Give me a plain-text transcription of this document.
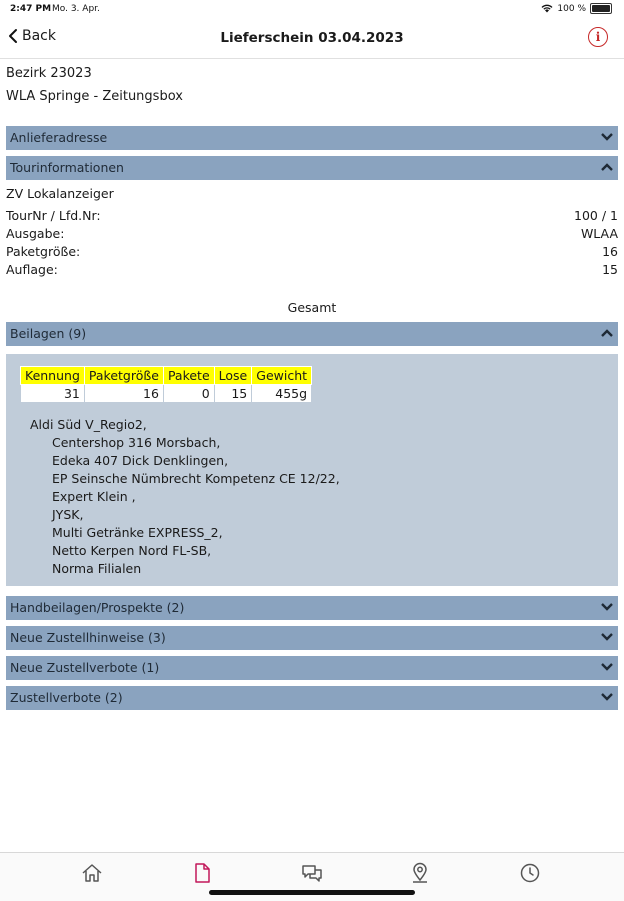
2:47 PM Mo. 3. Apr.	100 %
Back	Lieferschein 03.04.2023	i
Bezirk 23023
WLA Springe - Zeitungsbox
Anlieferadresse
Tourinformationen
ZV Lokalanzeiger
TourNr / Lfd.Nr:	100 / 1
Ausgabe:	WLAA
Paketgröße:	16
Auflage:	15
Gesamt
Beilagen (9)
Kennung	Paketgröße	Pakete	Lose	Gewicht
31	16	0	15	455g
Aldi Süd V_Regio2,
Centershop 316 Morsbach,
Edeka 407 Dick Denklingen,
EP Seinsche Nümbrecht Kompetenz CE 12/22,
Expert Klein ,
JYSK,
Multi Getränke EXPRESS_2,
Netto Kerpen Nord FL-SB,
Norma Filialen
Handbeilagen/Prospekte (2)
Neue Zustellhinweise (3)
Neue Zustellverbote (1)
Zustellverbote (2)
